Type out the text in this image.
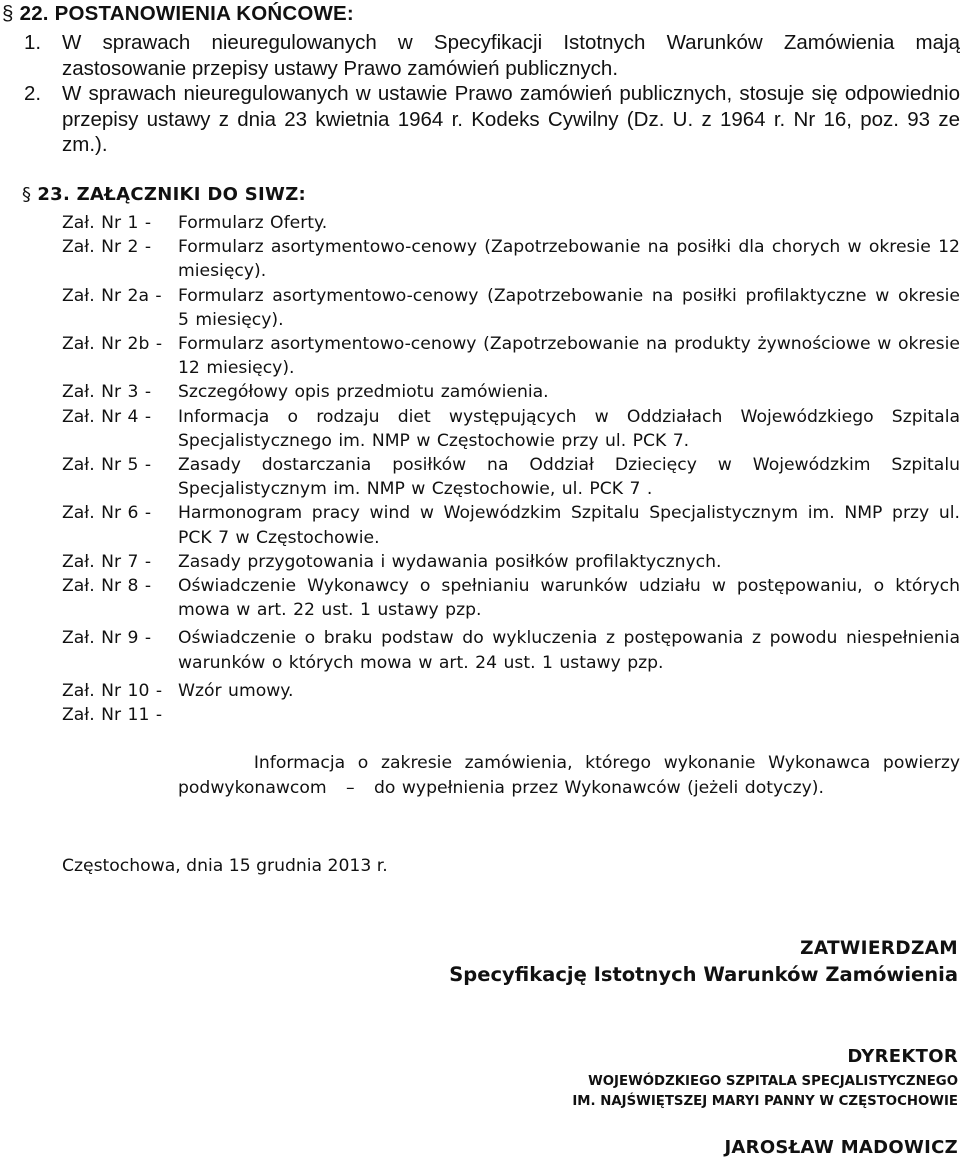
§ 22. POSTANOWIENIA KOŃCOWE:
1. W sprawach nieuregulowanych w Specyfikacji Istotnych Warunków Zamówienia mają zastosowanie przepisy ustawy Prawo zamówień publicznych.
2. W sprawach nieuregulowanych w ustawie Prawo zamówień publicznych, stosuje się odpowiednio przepisy ustawy z dnia 23 kwietnia 1964 r. Kodeks Cywilny (Dz. U. z 1964 r. Nr 16, poz. 93 ze zm.).
§ 23. ZAŁĄCZNIKI DO SIWZ:
Zał. Nr 1 - Formularz Oferty.
Zał. Nr 2 - Formularz asortymentowo-cenowy (Zapotrzebowanie na posiłki dla chorych w okresie 12 miesięcy).
Zał. Nr 2a - Formularz asortymentowo-cenowy (Zapotrzebowanie na posiłki profilaktyczne w okresie 5 miesięcy).
Zał. Nr 2b - Formularz asortymentowo-cenowy (Zapotrzebowanie na produkty żywnościowe w okresie 12 miesięcy).
Zał. Nr 3 - Szczegółowy opis przedmiotu zamówienia.
Zał. Nr 4 - Informacja o rodzaju diet występujących w Oddziałach Wojewódzkiego Szpitala Specjalistycznego im. NMP w Częstochowie przy ul. PCK 7.
Zał. Nr 5 - Zasady dostarczania posiłków na Oddział Dziecięcy w Wojewódzkim Szpitalu Specjalistycznym im. NMP w Częstochowie, ul. PCK 7 .
Zał. Nr 6 - Harmonogram pracy wind w Wojewódzkim Szpitalu Specjalistycznym im. NMP przy ul. PCK 7 w Częstochowie.
Zał. Nr 7 - Zasady przygotowania i wydawania posiłków profilaktycznych.
Zał. Nr 8 - Oświadczenie Wykonawcy o spełnianiu warunków udziału w postępowaniu, o których mowa w art. 22 ust. 1 ustawy pzp.
Zał. Nr 9 - Oświadczenie o braku podstaw do wykluczenia z postępowania z powodu niespełnienia warunków o których mowa w art. 24 ust. 1 ustawy pzp.
Zał. Nr 10 - Wzór umowy.

Zał. Nr 11 -

Informacja o zakresie zamówienia, którego wykonanie Wykonawca powierzy podwykonawcom   –   do wypełnienia przez Wykonawców (jeżeli dotyczy).

Częstochowa, dnia 15 grudnia 2013 r.
ZATWIERDZAM
Specyfikację Istotnych Warunków Zamówienia
DYREKTOR
WOJEWÓDZKIEGO SZPITALA SPECJALISTYCZNEGO
IM. NAJŚWIĘTSZEJ MARYI PANNY W CZĘSTOCHOWIE
JAROSŁAW MADOWICZ
